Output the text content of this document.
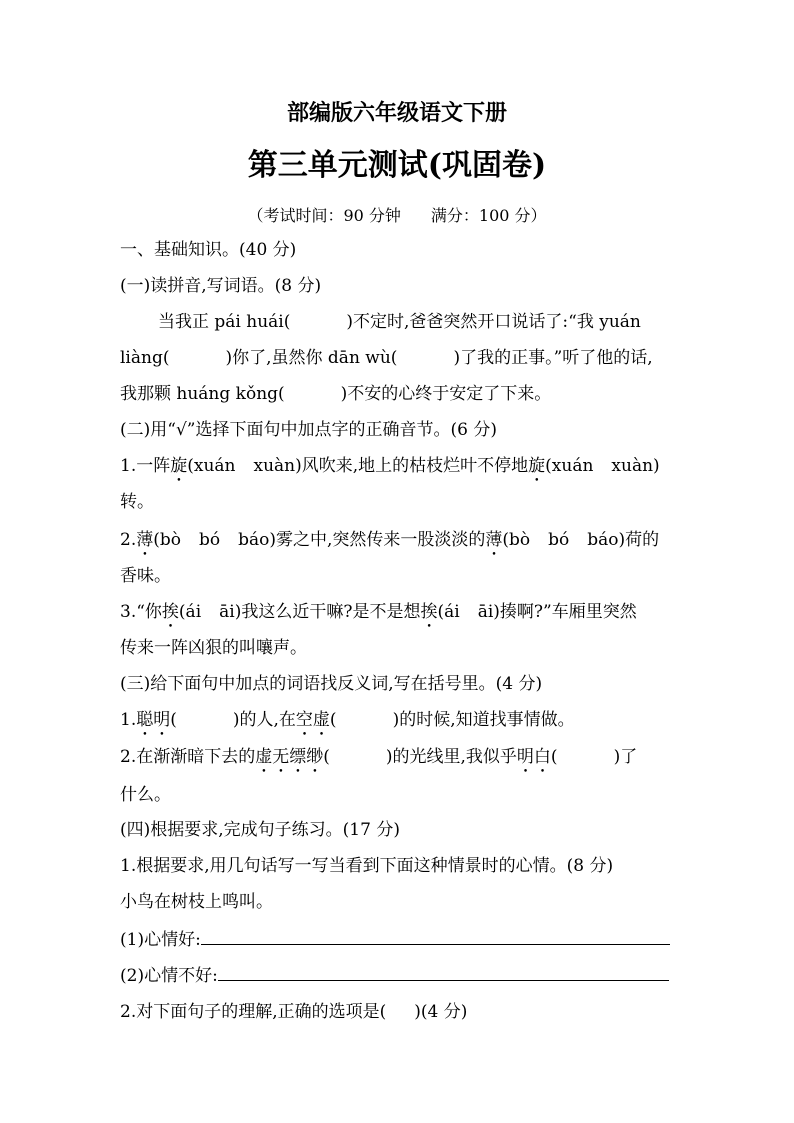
部编版六年级语文下册
第三单元测试(巩固卷)
（考试时间：90 分钟 满分：100 分）
一、基础知识。(40 分)
(一)读拼音,写词语。(8 分)
当我正 pái huái(	)不定时,爸爸突然开口说话了:“我 yuán
liàng(	)你了,虽然你 dān wù(	)了我的正事。”听了他的话,
我那颗 huáng kǒng(	)不安的心终于安定了下来。
(二)用“√”选择下面句中加点字的正确音节。(6 分)
1.一阵旋(xuán xuàn)风吹来,地上的枯枝烂叶不停地旋(xuán xuàn)
转。
2.薄(bò bó báo)雾之中,突然传来一股淡淡的薄(bò bó báo)荷的
香味。
3.“你挨(ái āi)我这么近干嘛?是不是想挨(ái āi)揍啊?”车厢里突然
传来一阵凶狠的叫嚷声。
(三)给下面句中加点的词语找反义词,写在括号里。(4 分)
1.聪明(	)的人,在空虚(	)的时候,知道找事情做。
2.在渐渐暗下去的虚无缥缈(	)的光线里,我似乎明白(	)了
什么。
(四)根据要求,完成句子练习。(17 分)
1.根据要求,用几句话写一写当看到下面这种情景时的心情。(8 分)
小鸟在树枝上鸣叫。
(1)心情好:
(2)心情不好:
2.对下面句子的理解,正确的选项是( )(4 分)
